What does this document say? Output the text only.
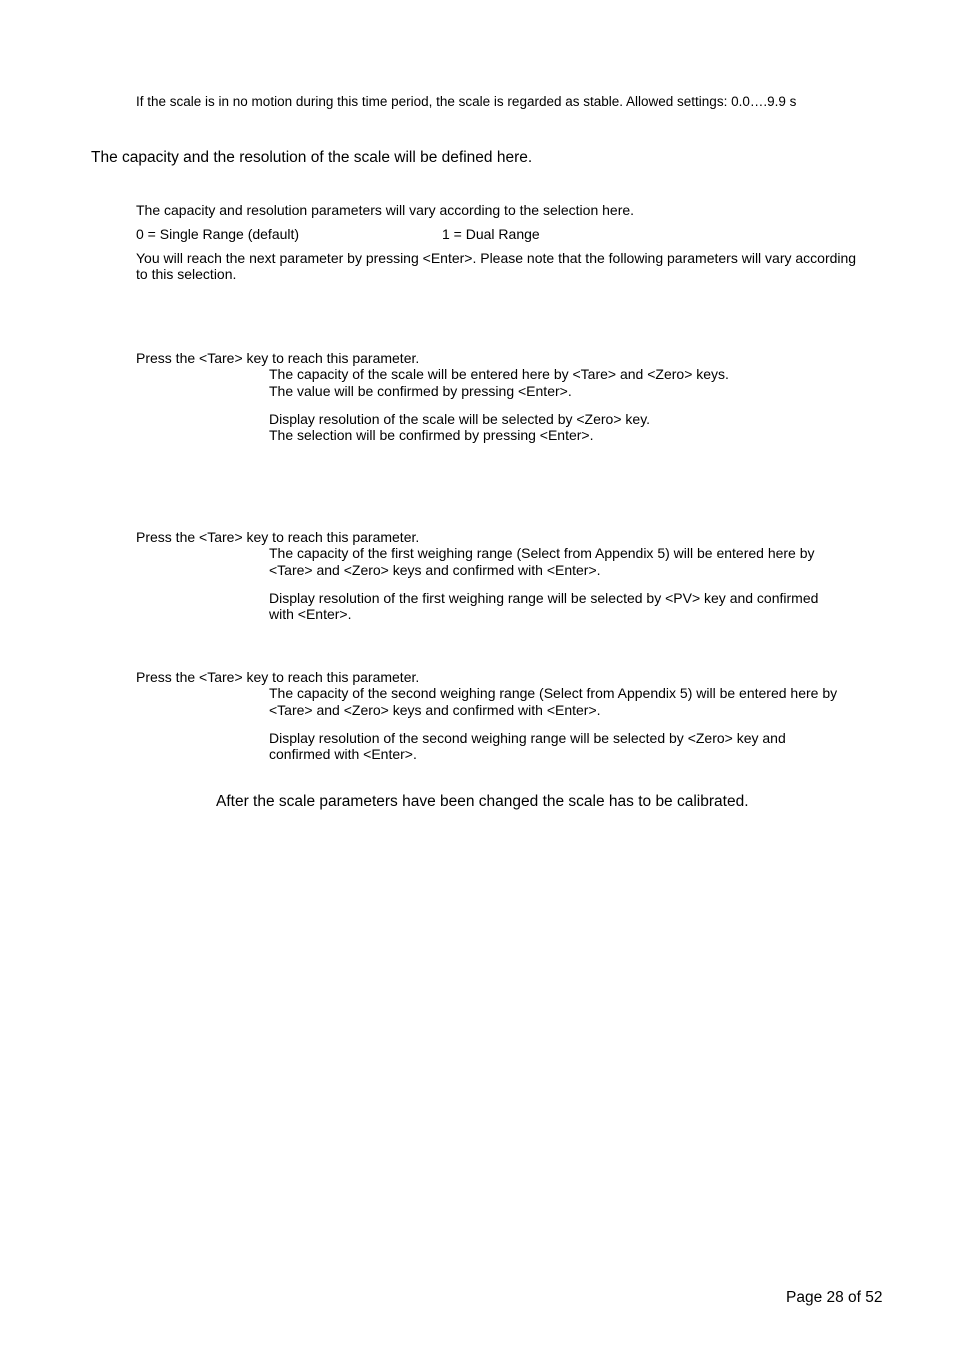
If the scale is in no motion during this time period, the scale is regarded as stable. Allowed settings: 0.0….9.9 s
The capacity and the resolution of the scale will be defined here.
The capacity and resolution parameters will vary according to the selection here.
0 = Single Range (default)	1 = Dual Range
You will reach the next parameter by pressing <Enter>. Please note that the following parameters will vary according
to this selection.
Press the <Tare> key to reach this parameter.
The capacity of the scale will be entered here by <Tare> and <Zero> keys.
The value will be confirmed by pressing <Enter>.
Display resolution of the scale will be selected by <Zero> key.
The selection will be confirmed by pressing <Enter>.
Press the <Tare> key to reach this parameter.
The capacity of the first weighing range (Select from Appendix 5) will be entered here by
<Tare> and <Zero> keys and confirmed with <Enter>.
Display resolution of the first weighing range will be selected by <PV> key and confirmed
with <Enter>.
Press the <Tare> key to reach this parameter.
The capacity of the second weighing range (Select from Appendix 5) will be entered here by
<Tare> and <Zero> keys and confirmed with <Enter>.
Display resolution of the second weighing range will be selected by <Zero> key and
confirmed with <Enter>.
After the scale parameters have been changed the scale has to be calibrated.
Page 28 of 52
